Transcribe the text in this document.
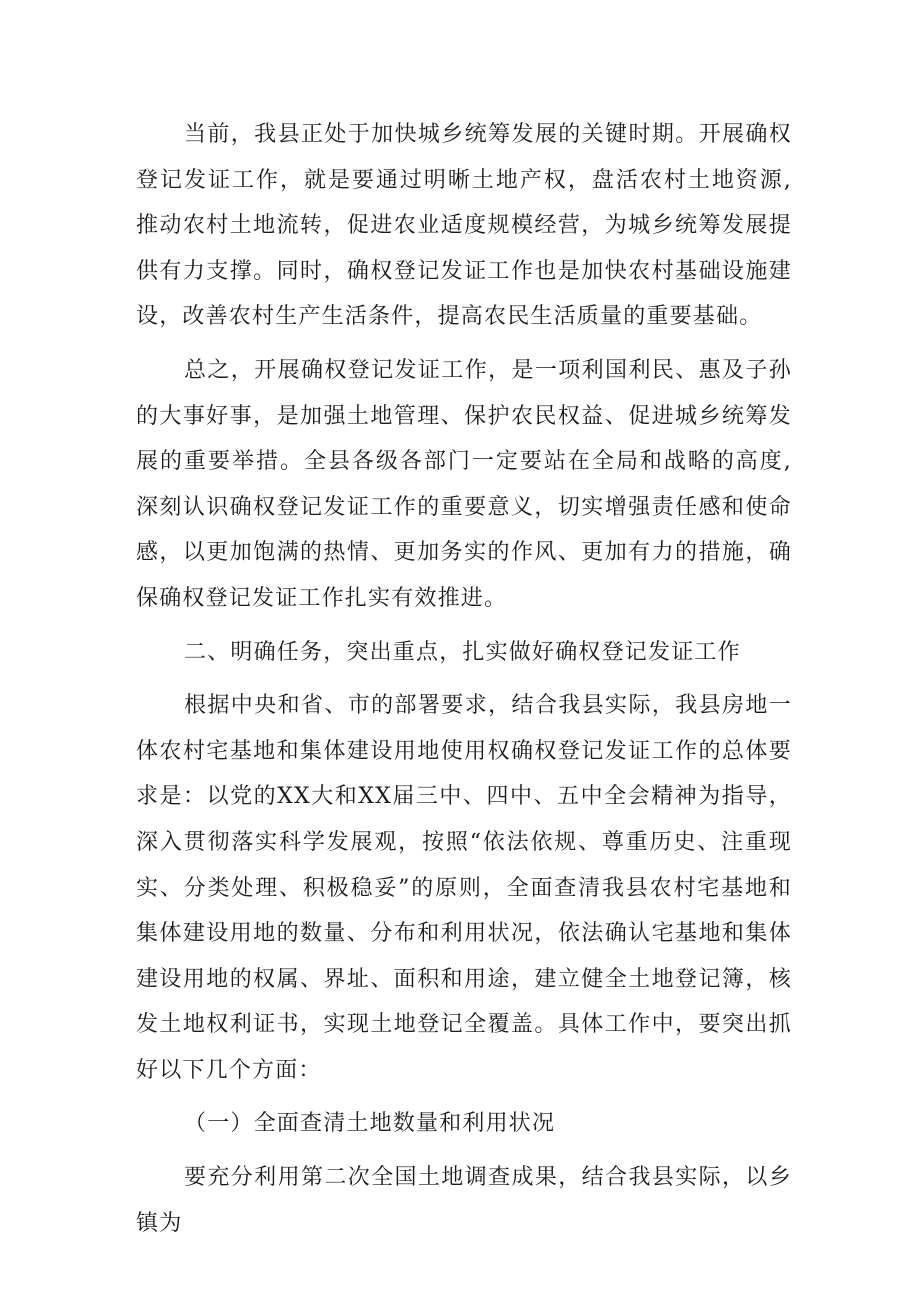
当前，我县正处于加快城乡统筹发展的关键时期。开展确权登记发证工作，就是要通过明晰土地产权，盘活农村土地资源,推动农村土地流转，促进农业适度规模经营，为城乡统筹发展提供有力支撑。同时，确权登记发证工作也是加快农村基础设施建设，改善农村生产生活条件，提高农民生活质量的重要基础。

总之，开展确权登记发证工作，是一项利国利民、惠及子孙的大事好事，是加强土地管理、保护农民权益、促进城乡统筹发展的重要举措。全县各级各部门一定要站在全局和战略的高度,深刻认识确权登记发证工作的重要意义，切实增强责任感和使命感，以更加饱满的热情、更加务实的作风、更加有力的措施，确保确权登记发证工作扎实有效推进。

二、明确任务，突出重点，扎实做好确权登记发证工作

根据中央和省、市的部署要求，结合我县实际，我县房地一体农村宅基地和集体建设用地使用权确权登记发证工作的总体要求是：以党的XX大和XX届三中、四中、五中全会精神为指导，深入贯彻落实科学发展观，按照“依法依规、尊重历史、注重现实、分类处理、积极稳妥”的原则，全面查清我县农村宅基地和集体建设用地的数量、分布和利用状况，依法确认宅基地和集体建设用地的权属、界址、面积和用途，建立健全土地登记簿，核发土地权利证书，实现土地登记全覆盖。具体工作中，要突出抓好以下几个方面：

（一）全面查清土地数量和利用状况

要充分利用第二次全国土地调查成果，结合我县实际，以乡镇为
